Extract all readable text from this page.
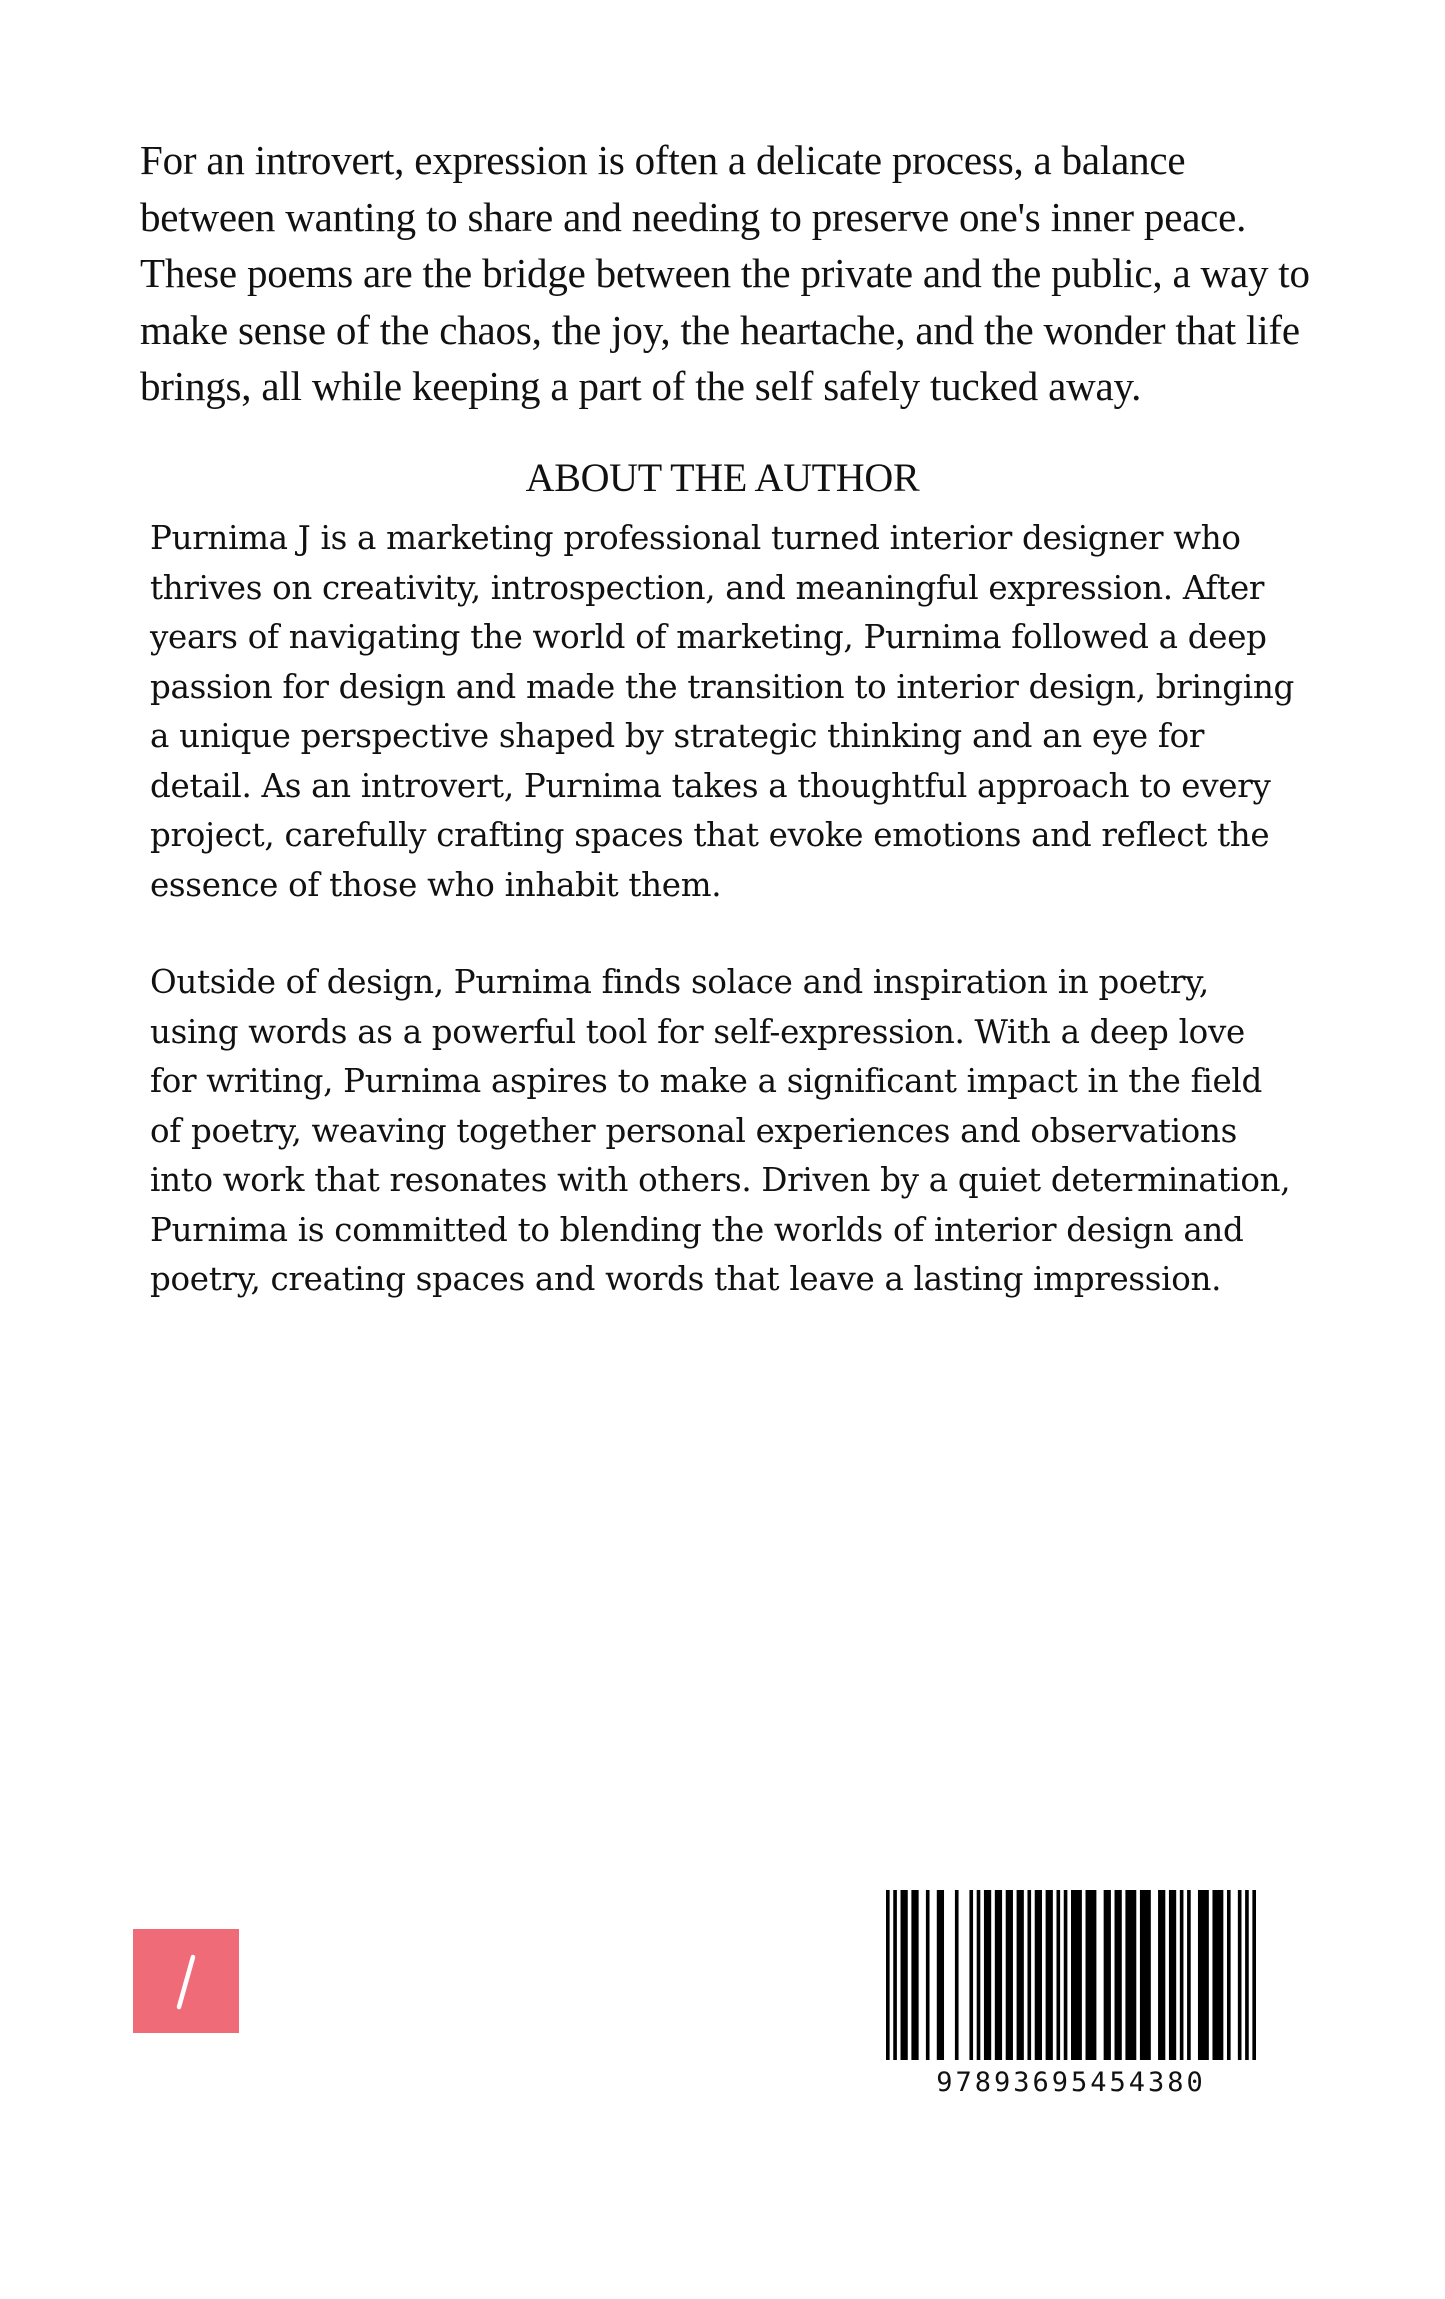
For an introvert, expression is often a delicate process, a balance between wanting to share and needing to preserve one's inner peace. These poems are the bridge between the private and the public, a way to make sense of the chaos, the joy, the heartache, and the wonder that life brings, all while keeping a part of the self safely tucked away.

ABOUT THE AUTHOR

Purnima J is a marketing professional turned interior designer who thrives on creativity, introspection, and meaningful expression. After years of navigating the world of marketing, Purnima followed a deep passion for design and made the transition to interior design, bringing a unique perspective shaped by strategic thinking and an eye for detail. As an introvert, Purnima takes a thoughtful approach to every project, carefully crafting spaces that evoke emotions and reflect the essence of those who inhabit them.

Outside of design, Purnima finds solace and inspiration in poetry, using words as a powerful tool for self-expression. With a deep love for writing, Purnima aspires to make a significant impact in the field of poetry, weaving together personal experiences and observations into work that resonates with others. Driven by a quiet determination, Purnima is committed to blending the worlds of interior design and poetry, creating spaces and words that leave a lasting impression.

97893695454380
